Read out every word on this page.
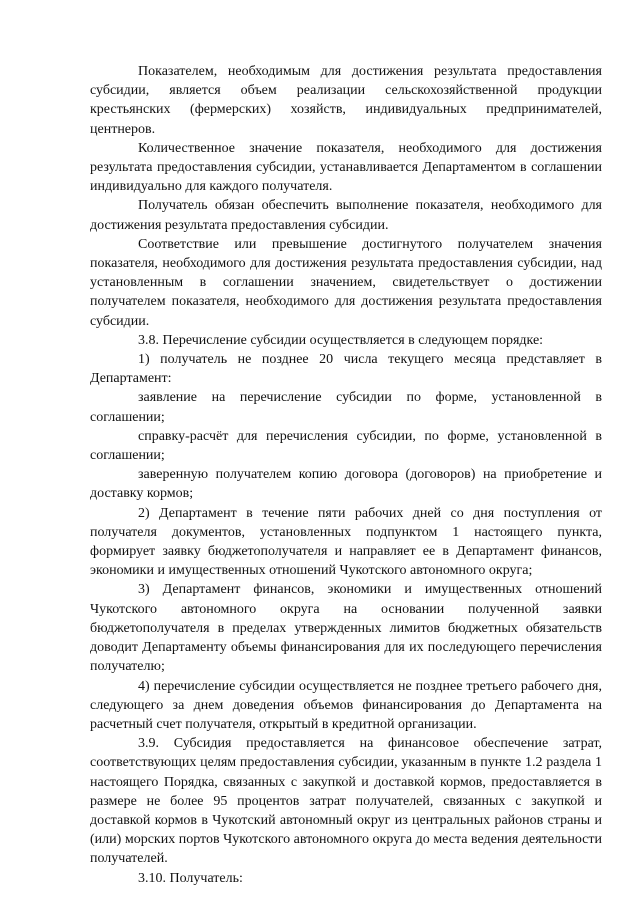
Показателем, необходимым для достижения результата предоставления субсидии, является объем реализации сельскохозяйственной продукции крестьянских (фермерских) хозяйств, индивидуальных предпринимателей, центнеров.

Количественное значение показателя, необходимого для достижения результата предоставления субсидии, устанавливается Департаментом в соглашении индивидуально для каждого получателя.

Получатель обязан обеспечить выполнение показателя, необходимого для достижения результата предоставления субсидии.

Соответствие или превышение достигнутого получателем значения показателя, необходимого для достижения результата предоставления субсидии, над установленным в соглашении значением, свидетельствует о достижении получателем показателя, необходимого для достижения результата предоставления субсидии.

3.8. Перечисление субсидии осуществляется в следующем порядке:

1) получатель не позднее 20 числа текущего месяца представляет в Департамент:

заявление на перечисление субсидии по форме, установленной в соглашении;

справку-расчёт для перечисления субсидии, по форме, установленной в соглашении;

заверенную получателем копию договора (договоров) на приобретение и доставку кормов;

2) Департамент в течение пяти рабочих дней со дня поступления от получателя документов, установленных подпунктом 1 настоящего пункта, формирует заявку бюджетополучателя и направляет ее в Департамент финансов, экономики и имущественных отношений Чукотского автономного округа;

3) Департамент финансов, экономики и имущественных отношений Чукотского автономного округа на основании полученной заявки бюджетополучателя в пределах утвержденных лимитов бюджетных обязательств доводит Департаменту объемы финансирования для их последующего перечисления получателю;

4) перечисление субсидии осуществляется не позднее третьего рабочего дня, следующего за днем доведения объемов финансирования до Департамента на расчетный счет получателя, открытый в кредитной организации.

3.9. Субсидия предоставляется на финансовое обеспечение затрат, соответствующих целям предоставления субсидии, указанным в пункте 1.2 раздела 1 настоящего Порядка, связанных с закупкой и доставкой кормов, предоставляется в размере не более 95 процентов затрат получателей, связанных с закупкой и доставкой кормов в Чукотский автономный округ из центральных районов страны и (или) морских портов Чукотского автономного округа до места ведения деятельности получателей.

3.10. Получатель:
